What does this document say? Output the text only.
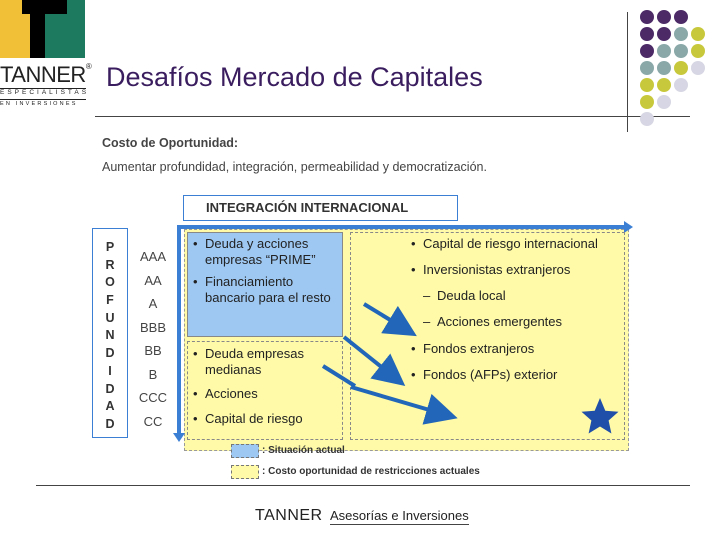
TANNER®
ESPECIALISTAS
EN INVERSIONES
Desafíos Mercado de Capitales
Costo de Oportunidad:
Aumentar profundidad, integración, permeabilidad y democratización.
INTEGRACIÓN INTERNACIONAL
P
R
O
F
U
N
D
I
D
A
D
AAA
AA
A
BBB
BB
B
CCC
CC
• Deuda y acciones empresas “PRIME”
• Financiamiento bancario para el resto
• Deuda empresas medianas
• Acciones
• Capital de riesgo
• Capital de riesgo internacional
• Inversionistas extranjeros
– Deuda local
– Acciones emergentes
• Fondos extranjeros
• Fondos (AFPs) exterior
: Situación actual
: Costo oportunidad de restricciones actuales
TANNER Asesorías e Inversiones
